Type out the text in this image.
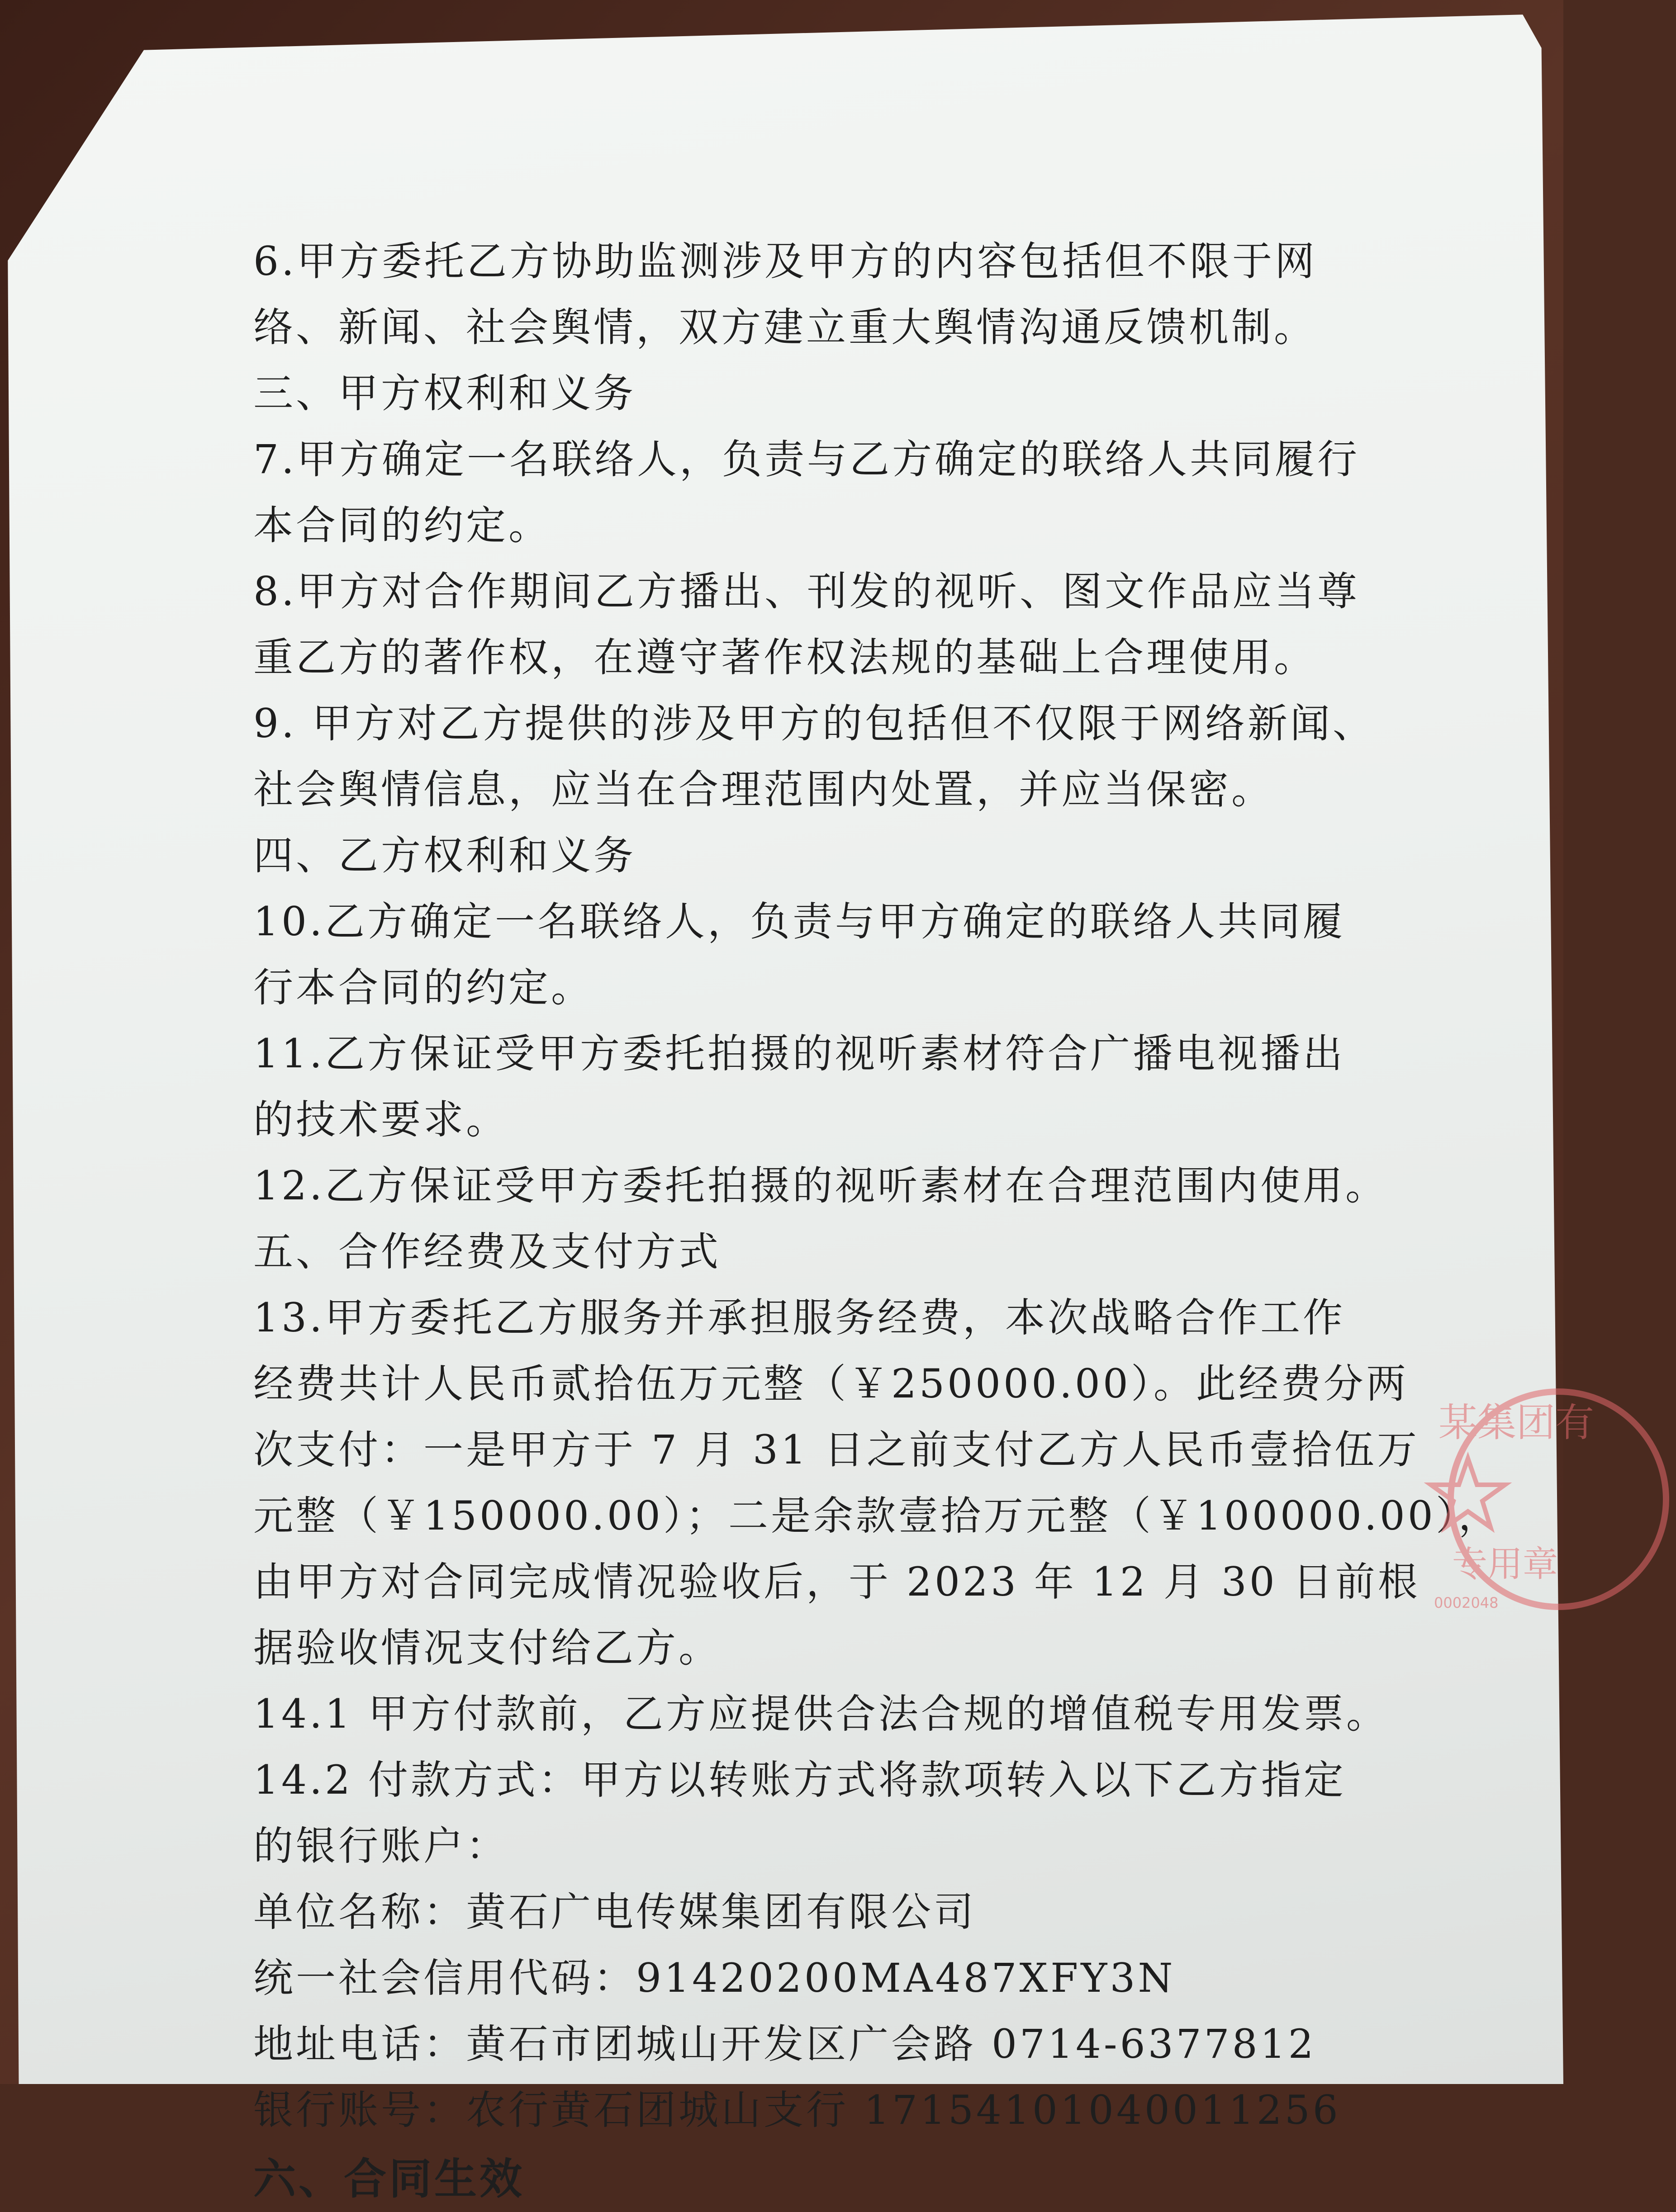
6.甲方委托乙方协助监测涉及甲方的内容包括但不限于网
络、新闻、社会舆情，双方建立重大舆情沟通反馈机制。
三、甲方权利和义务
7.甲方确定一名联络人，负责与乙方确定的联络人共同履行
本合同的约定。
8.甲方对合作期间乙方播出、刊发的视听、图文作品应当尊
重乙方的著作权，在遵守著作权法规的基础上合理使用。
9. 甲方对乙方提供的涉及甲方的包括但不仅限于网络新闻、
社会舆情信息，应当在合理范围内处置，并应当保密。
四、乙方权利和义务
10.乙方确定一名联络人，负责与甲方确定的联络人共同履
行本合同的约定。
11.乙方保证受甲方委托拍摄的视听素材符合广播电视播出
的技术要求。
12.乙方保证受甲方委托拍摄的视听素材在合理范围内使用。
五、合作经费及支付方式
13.甲方委托乙方服务并承担服务经费，本次战略合作工作
经费共计人民币贰拾伍万元整（￥250000.00）。此经费分两
次支付：一是甲方于 7 月 31 日之前支付乙方人民币壹拾伍万
元整（￥150000.00）；二是余款壹拾万元整（￥100000.00），
由甲方对合同完成情况验收后，于 2023 年 12 月 30 日前根
据验收情况支付给乙方。
14.1 甲方付款前，乙方应提供合法合规的增值税专用发票。
14.2 付款方式：甲方以转账方式将款项转入以下乙方指定
的银行账户：
单位名称：黄石广电传媒集团有限公司
统一社会信用代码：91420200MA487XFY3N
地址电话：黄石市团城山开发区广会路 0714-6377812
银行账号：农行黄石团城山支行 17154101040011256
六、合同生效
某集团有
专用章
0002048
